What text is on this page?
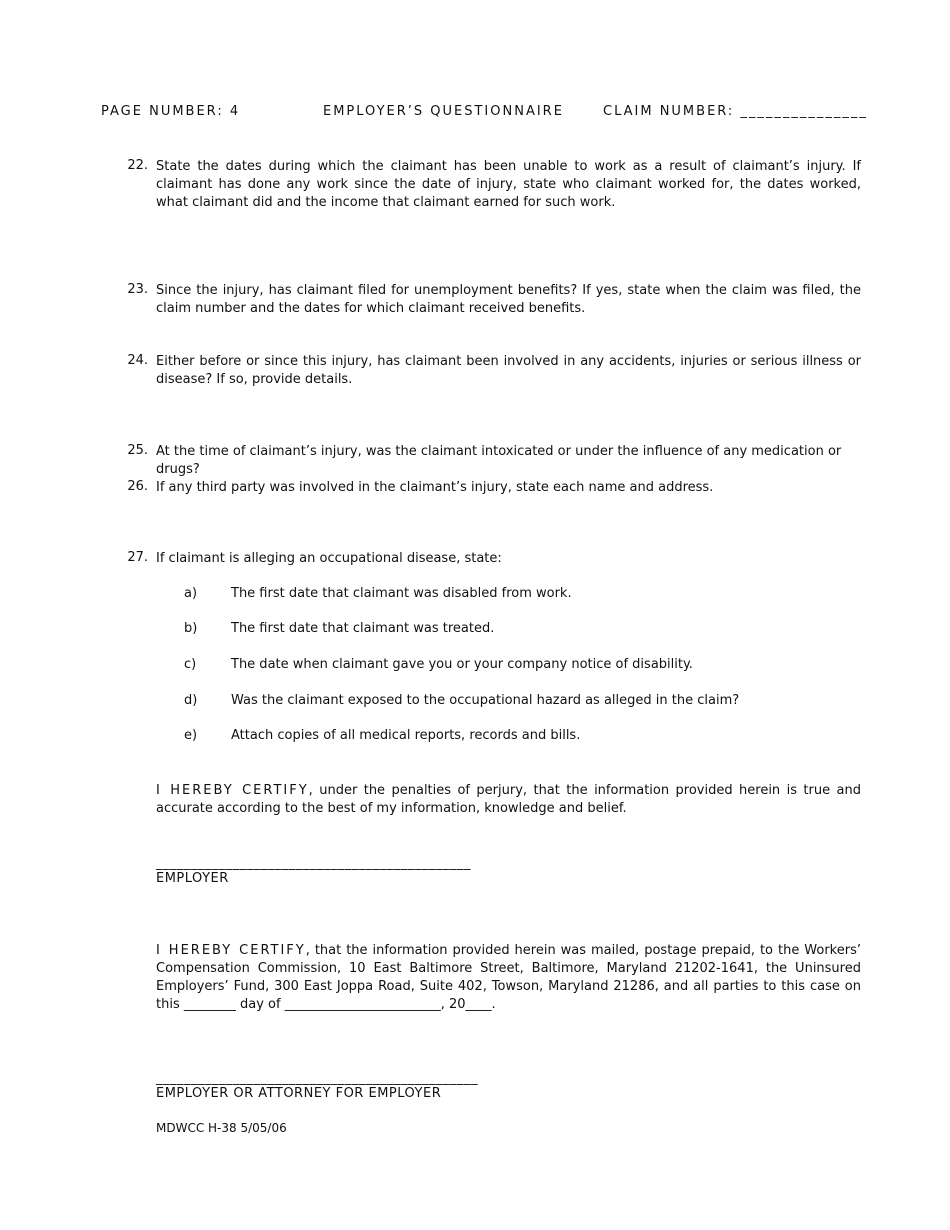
PAGE NUMBER: 4	EMPLOYER’S QUESTIONNAIRE	CLAIM NUMBER: _______________
22. State the dates during which the claimant has been unable to work as a result of claimant’s injury. If claimant has done any work since the date of injury, state who claimant worked for, the dates worked, what claimant did and the income that claimant earned for such work.
23. Since the injury, has claimant filed for unemployment benefits? If yes, state when the claim was filed, the claim number and the dates for which claimant received benefits.
24. Either before or since this injury, has claimant been involved in any accidents, injuries or serious illness or disease? If so, provide details.
25. At the time of claimant’s injury, was the claimant intoxicated or under the influence of any medication or drugs?
26. If any third party was involved in the claimant’s injury, state each name and address.
27. If claimant is alleging an occupational disease, state:
a)	The first date that claimant was disabled from work.
b)	The first date that claimant was treated.
c)	The date when claimant gave you or your company notice of disability.
d)	Was the claimant exposed to the occupational hazard as alleged in the claim?
e)	Attach copies of all medical reports, records and bills.
I HEREBY CERTIFY, under the penalties of perjury, that the information provided herein is true and accurate according to the best of my information, knowledge and belief.
_____________________________________________
EMPLOYER
I HEREBY CERTIFY, that the information provided herein was mailed, postage prepaid, to the Workers’ Compensation Commission, 10 East Baltimore Street, Baltimore, Maryland 21202-1641, the Uninsured Employers’ Fund, 300 East Joppa Road, Suite 402, Towson, Maryland 21286, and all parties to this case on this ________ day of ________________________, 20____.
______________________________________________
EMPLOYER OR ATTORNEY FOR EMPLOYER
MDWCC H-38 5/05/06
